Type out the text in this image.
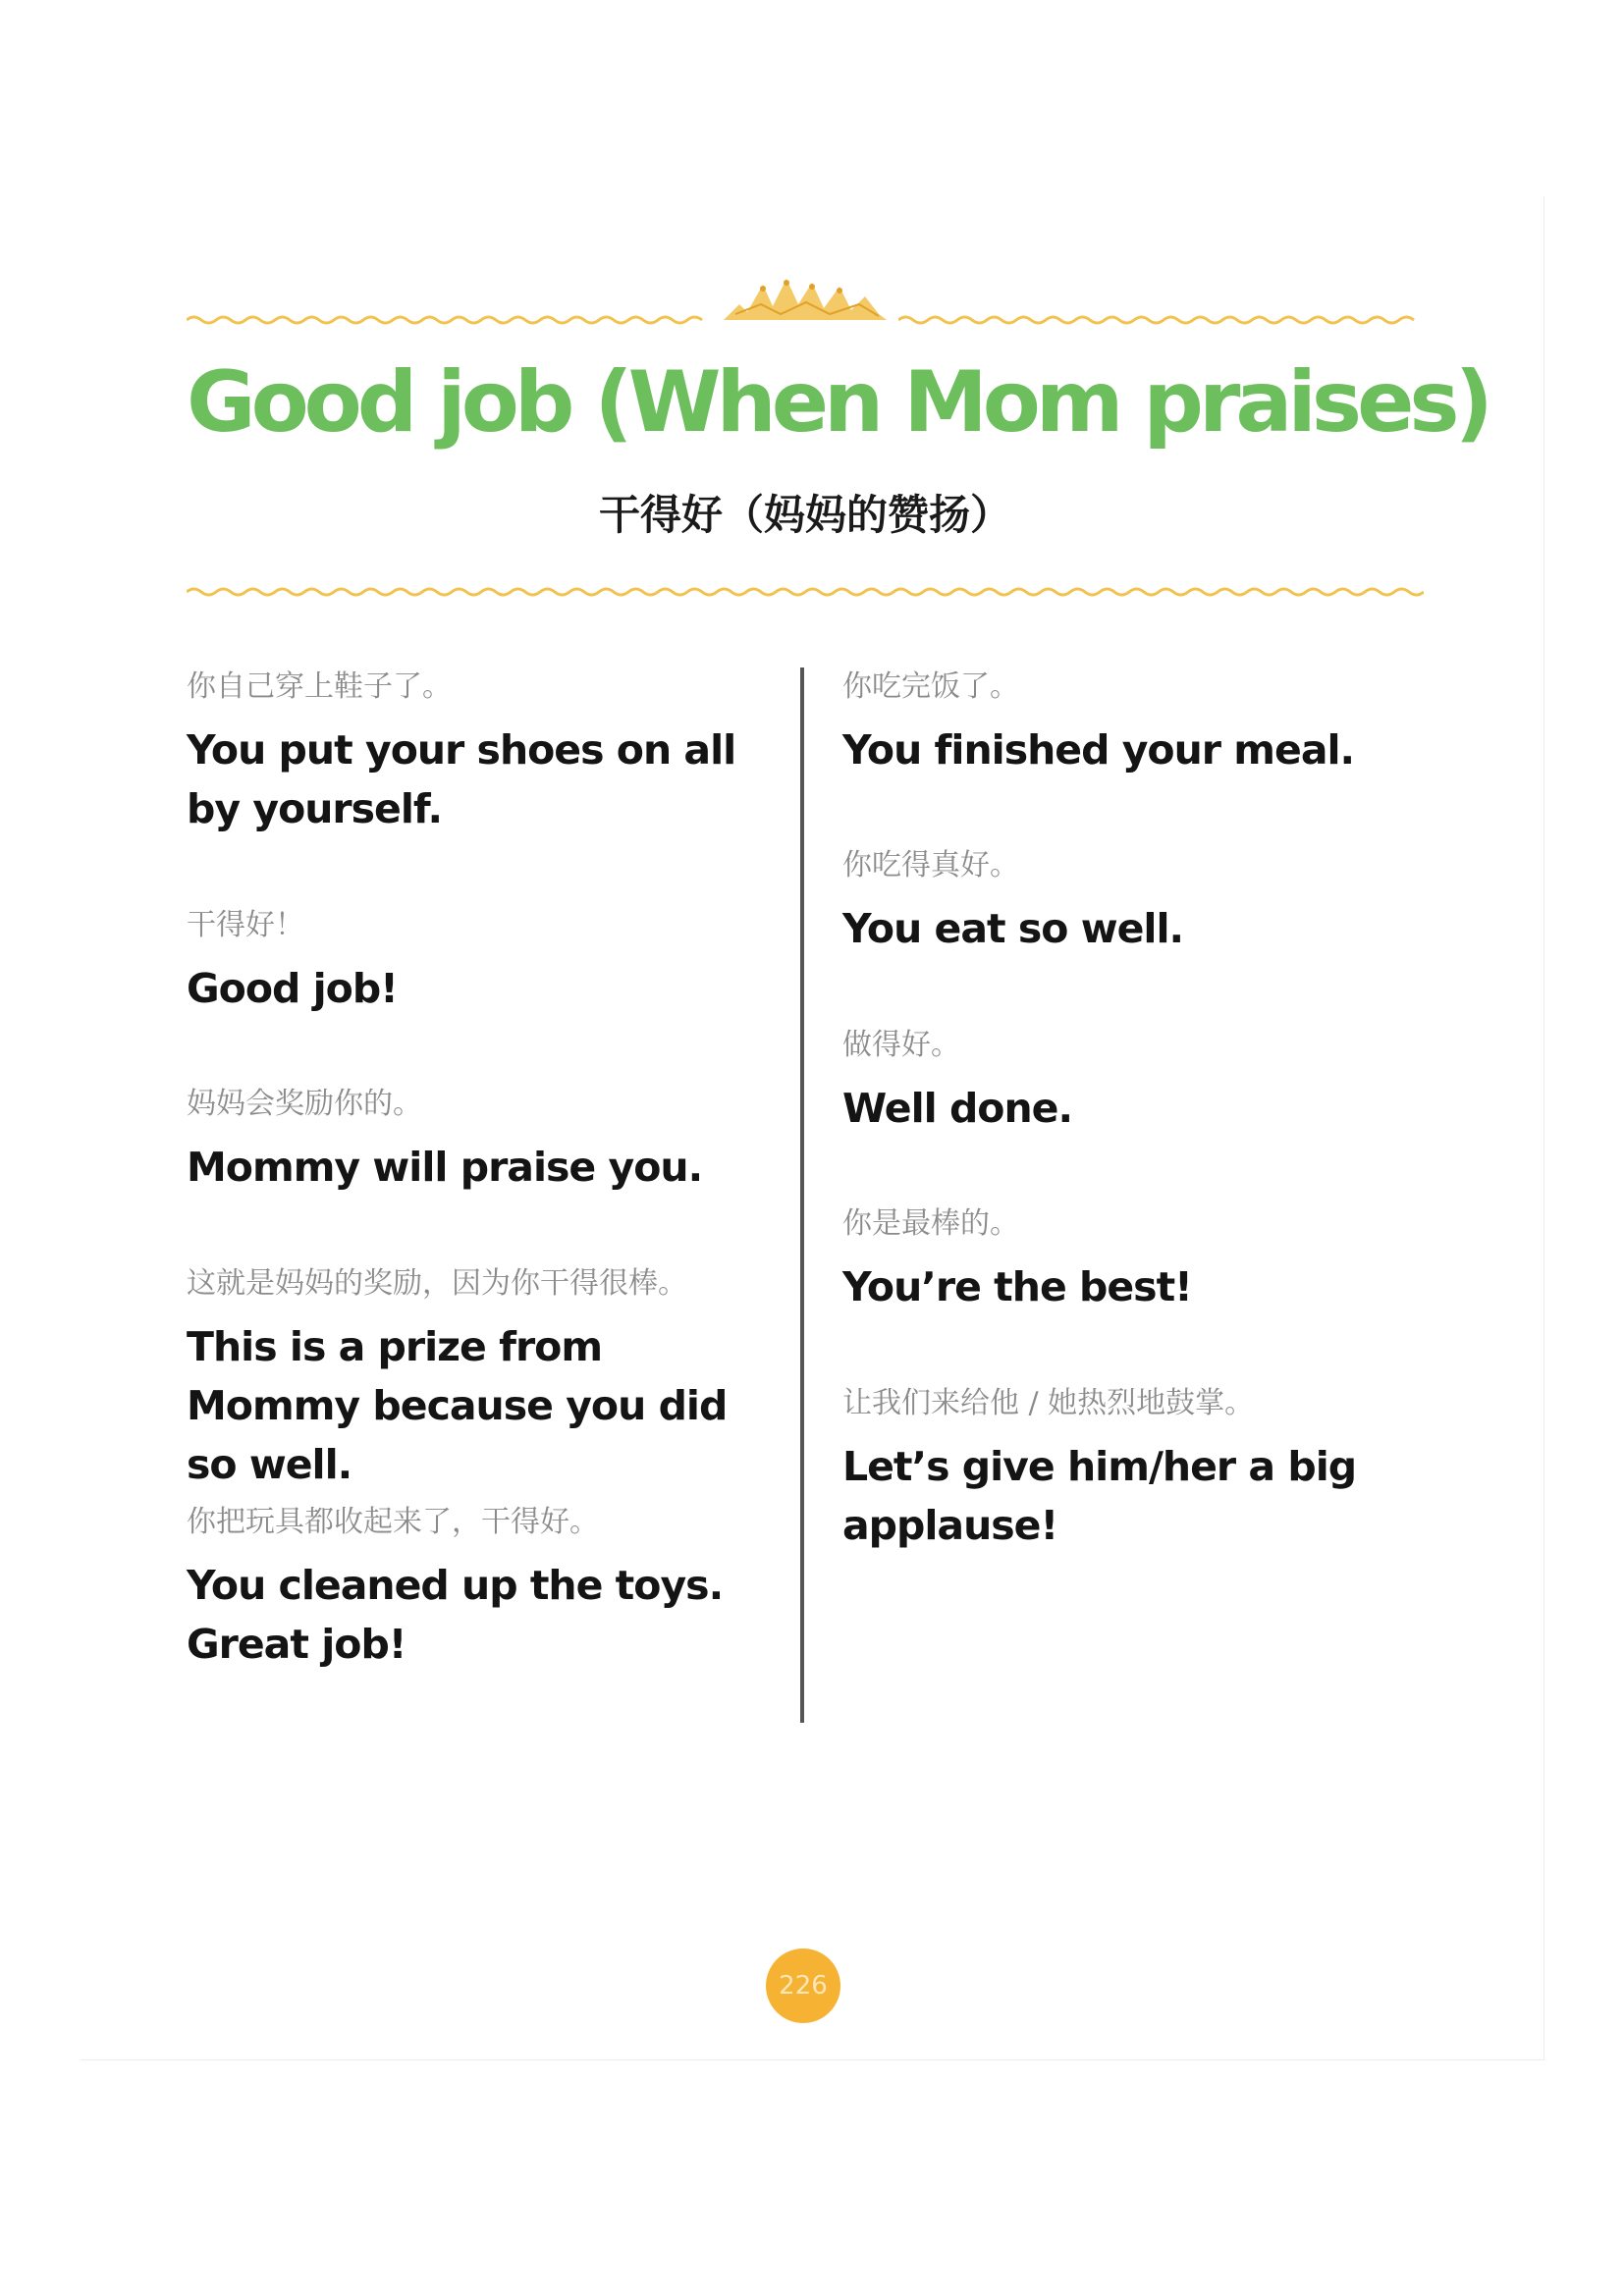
Good job (When Mom praises)
干得好（妈妈的赞扬）
你自己穿上鞋子了。
You put your shoes on all by yourself.
干得好！
Good job!
妈妈会奖励你的。
Mommy will praise you.
这就是妈妈的奖励，因为你干得很棒。
This is a prize from Mommy because you did so well.
你把玩具都收起来了，干得好。
You cleaned up the toys. Great job!
你吃完饭了。
You finished your meal.
你吃得真好。
You eat so well.
做得好。
Well done.
你是最棒的。
You’re the best!
让我们来给他 / 她热烈地鼓掌。
Let’s give him/her a big applause!
226
